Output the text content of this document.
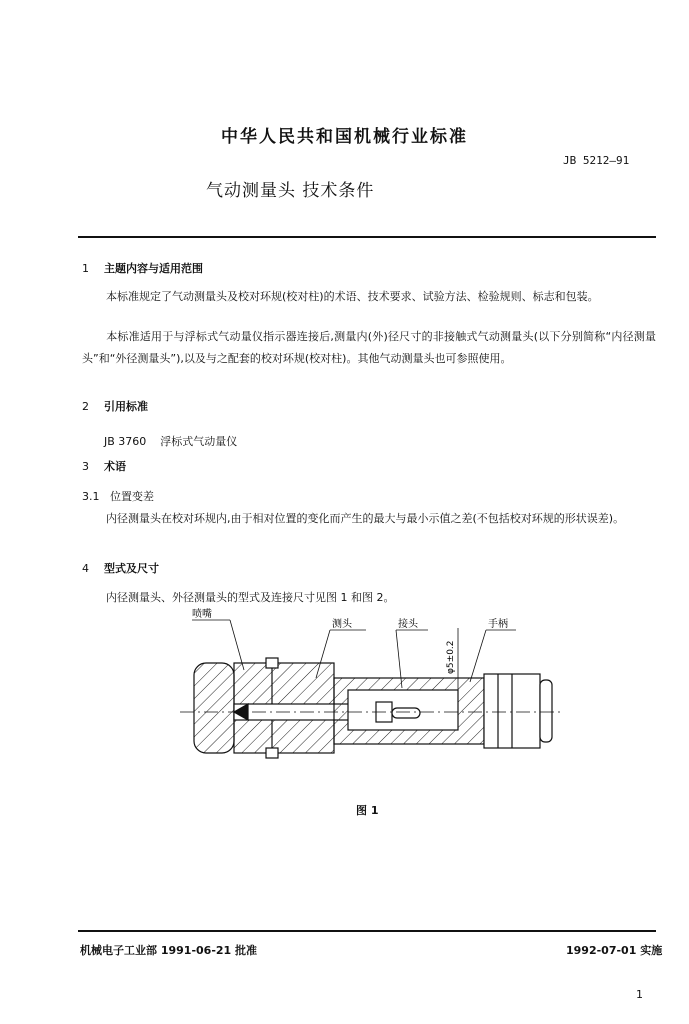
中华人民共和国机械行业标准
JB 5212—91
气动测量头 技术条件
1 主题内容与适用范围
本标准规定了气动测量头及校对环规(校对柱)的术语、技术要求、试验方法、检验规则、标志和包装。
本标准适用于与浮标式气动量仪指示器连接后,测量内(外)径尺寸的非接触式气动测量头(以下分别简称“内径测量头”和“外径测量头”),以及与之配套的校对环规(校对柱)。其他气动测量头也可参照使用。
2 引用标准
JB 3760 浮标式气动量仪
3 术语
3.1 位置变差
内径测量头在校对环规内,由于相对位置的变化而产生的最大与最小示值之差(不包括校对环规的形状误差)。
4 型式及尺寸
内径测量头、外径测量头的型式及连接尺寸见图 1 和图 2。
喷嘴
测头	接头	手柄
φ5±0.2
图 1
机械电子工业部 1991-06-21 批准	1992-07-01 实施
1
